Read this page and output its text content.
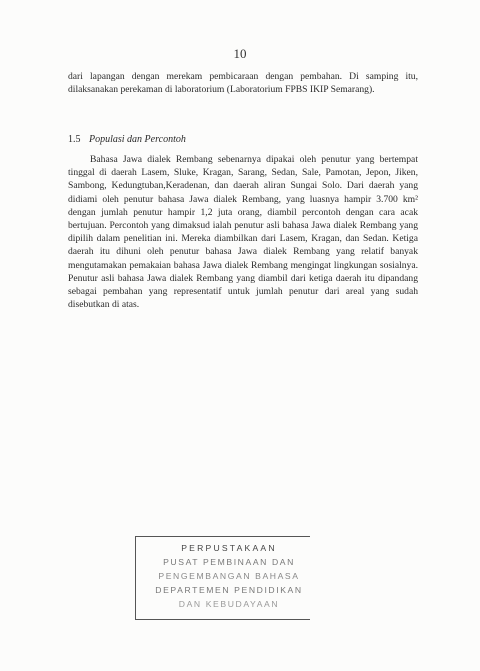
10

dari lapangan dengan merekam pembicaraan dengan pembahan. Di samping itu, dilaksanakan perekaman di laboratorium (Laboratorium FPBS IKIP Semarang).

1.5 Populasi dan Percontoh

Bahasa Jawa dialek Rembang sebenarnya dipakai oleh penutur yang bertempat tinggal di daerah Lasem, Sluke, Kragan, Sarang, Sedan, Sale, Pamotan, Jepon, Jiken, Sambong, Kedungtuban,Keradenan, dan daerah aliran Sungai Solo. Dari daerah yang didiami oleh penutur bahasa Jawa dialek Rembang, yang luasnya hampir 3.700 km² dengan jumlah penutur hampir 1,2 juta orang, diambil percontoh dengan cara acak bertujuan. Percontoh yang dimaksud ialah penutur asli bahasa Jawa dialek Rembang yang dipilih dalam penelitian ini. Mereka diambilkan dari Lasem, Kragan, dan Sedan. Ketiga daerah itu dihuni oleh penutur bahasa Jawa dialek Rembang yang relatif banyak mengutamakan pemakaian bahasa Jawa dialek Rembang mengingat lingkungan sosialnya. Penutur asli bahasa Jawa dialek Rembang yang diambil dari ketiga daerah itu dipandang sebagai pembahan yang representatif untuk jumlah penutur dari areal yang sudah disebutkan di atas.

PERPUSTAKAAN
PUSAT PEMBINAAN DAN
PENGEMBANGAN BAHASA
DEPARTEMEN PENDIDIKAN
DAN KEBUDAYAAN
